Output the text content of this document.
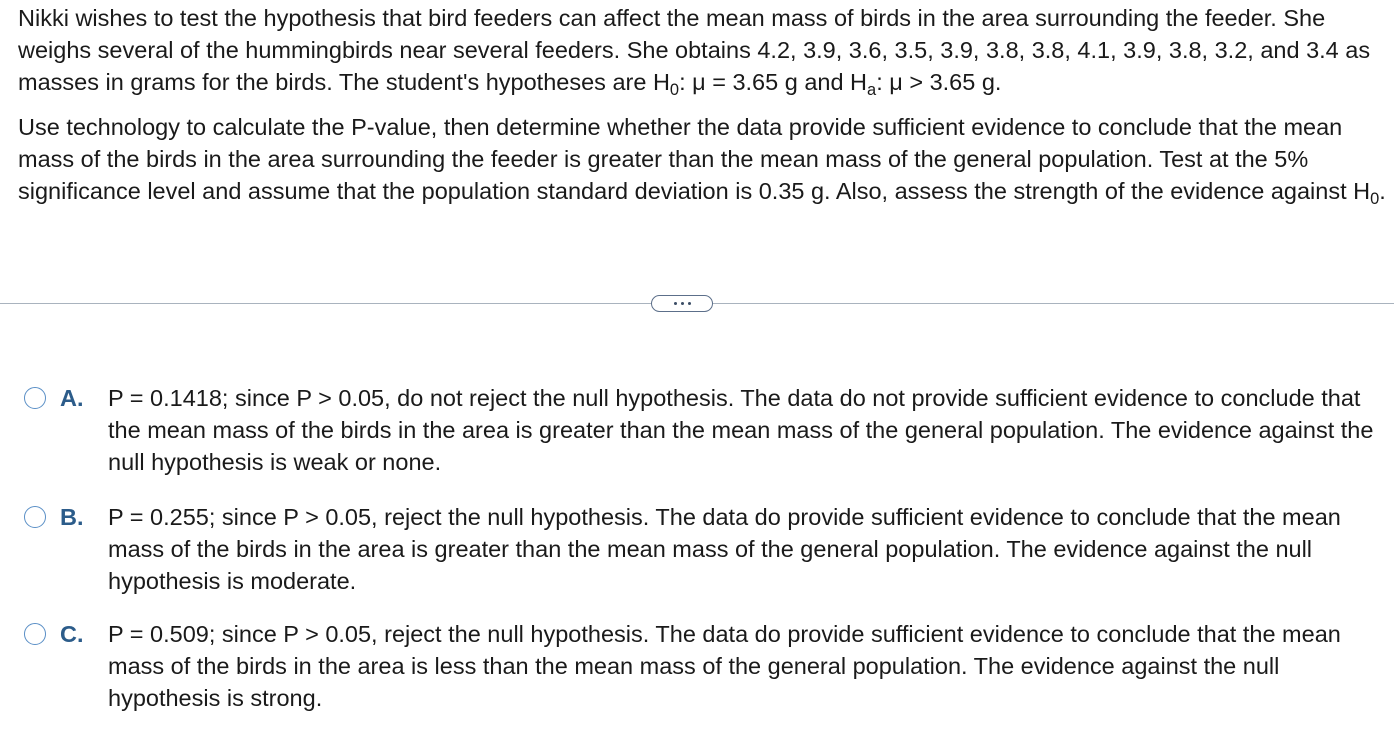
Nikki wishes to test the hypothesis that bird feeders can affect the mean mass of birds in the area surrounding the feeder. She weighs several of the hummingbirds near several feeders. She obtains 4.2, 3.9, 3.6, 3.5, 3.9, 3.8, 3.8, 4.1, 3.9, 3.8, 3.2, and 3.4 as masses in grams for the birds. The student's hypotheses are $H_0$: μ = 3.65 g and $H_a$: μ > 3.65 g.

Use technology to calculate the P-value, then determine whether the data provide sufficient evidence to conclude that the mean mass of the birds in the area surrounding the feeder is greater than the mean mass of the general population. Test at the 5% significance level and assume that the population standard deviation is 0.35 g. Also, assess the strength of the evidence against $H_0$.

A.	P = 0.1418; since P > 0.05, do not reject the null hypothesis. The data do not provide sufficient evidence to conclude that the mean mass of the birds in the area is greater than the mean mass of the general population. The evidence against the null hypothesis is weak or none.
B.	P = 0.255; since P > 0.05, reject the null hypothesis. The data do provide sufficient evidence to conclude that the mean mass of the birds in the area is greater than the mean mass of the general population. The evidence against the null hypothesis is moderate.
C.	P = 0.509; since P > 0.05, reject the null hypothesis. The data do provide sufficient evidence to conclude that the mean mass of the birds in the area is less than the mean mass of the general population. The evidence against the null hypothesis is strong.
